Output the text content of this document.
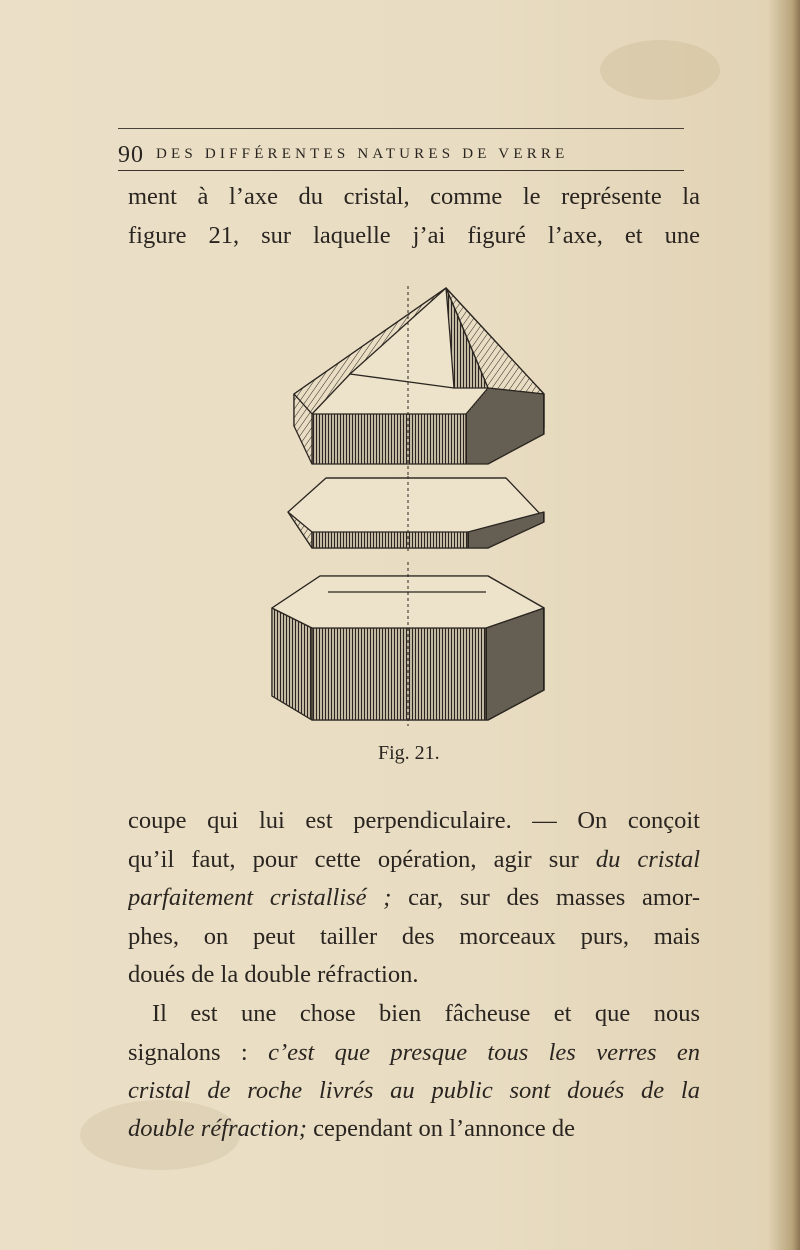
90 DES DIFFÉRENTES NATURES DE VERRE
ment à l’axe du cristal, comme le représente la
figure 21, sur laquelle j’ai figuré l’axe, et une
Fig. 21.
coupe qui lui est perpendiculaire. — On conçoit
qu’il faut, pour cette opération, agir sur du cristal
parfaitement cristallisé ; car, sur des masses amor-
phes, on peut tailler des morceaux purs, mais
doués de la double réfraction.
Il est une chose bien fâcheuse et que nous
signalons : c’est que presque tous les verres en
cristal de roche livrés au public sont doués de la
double réfraction; cependant on l’annonce de
